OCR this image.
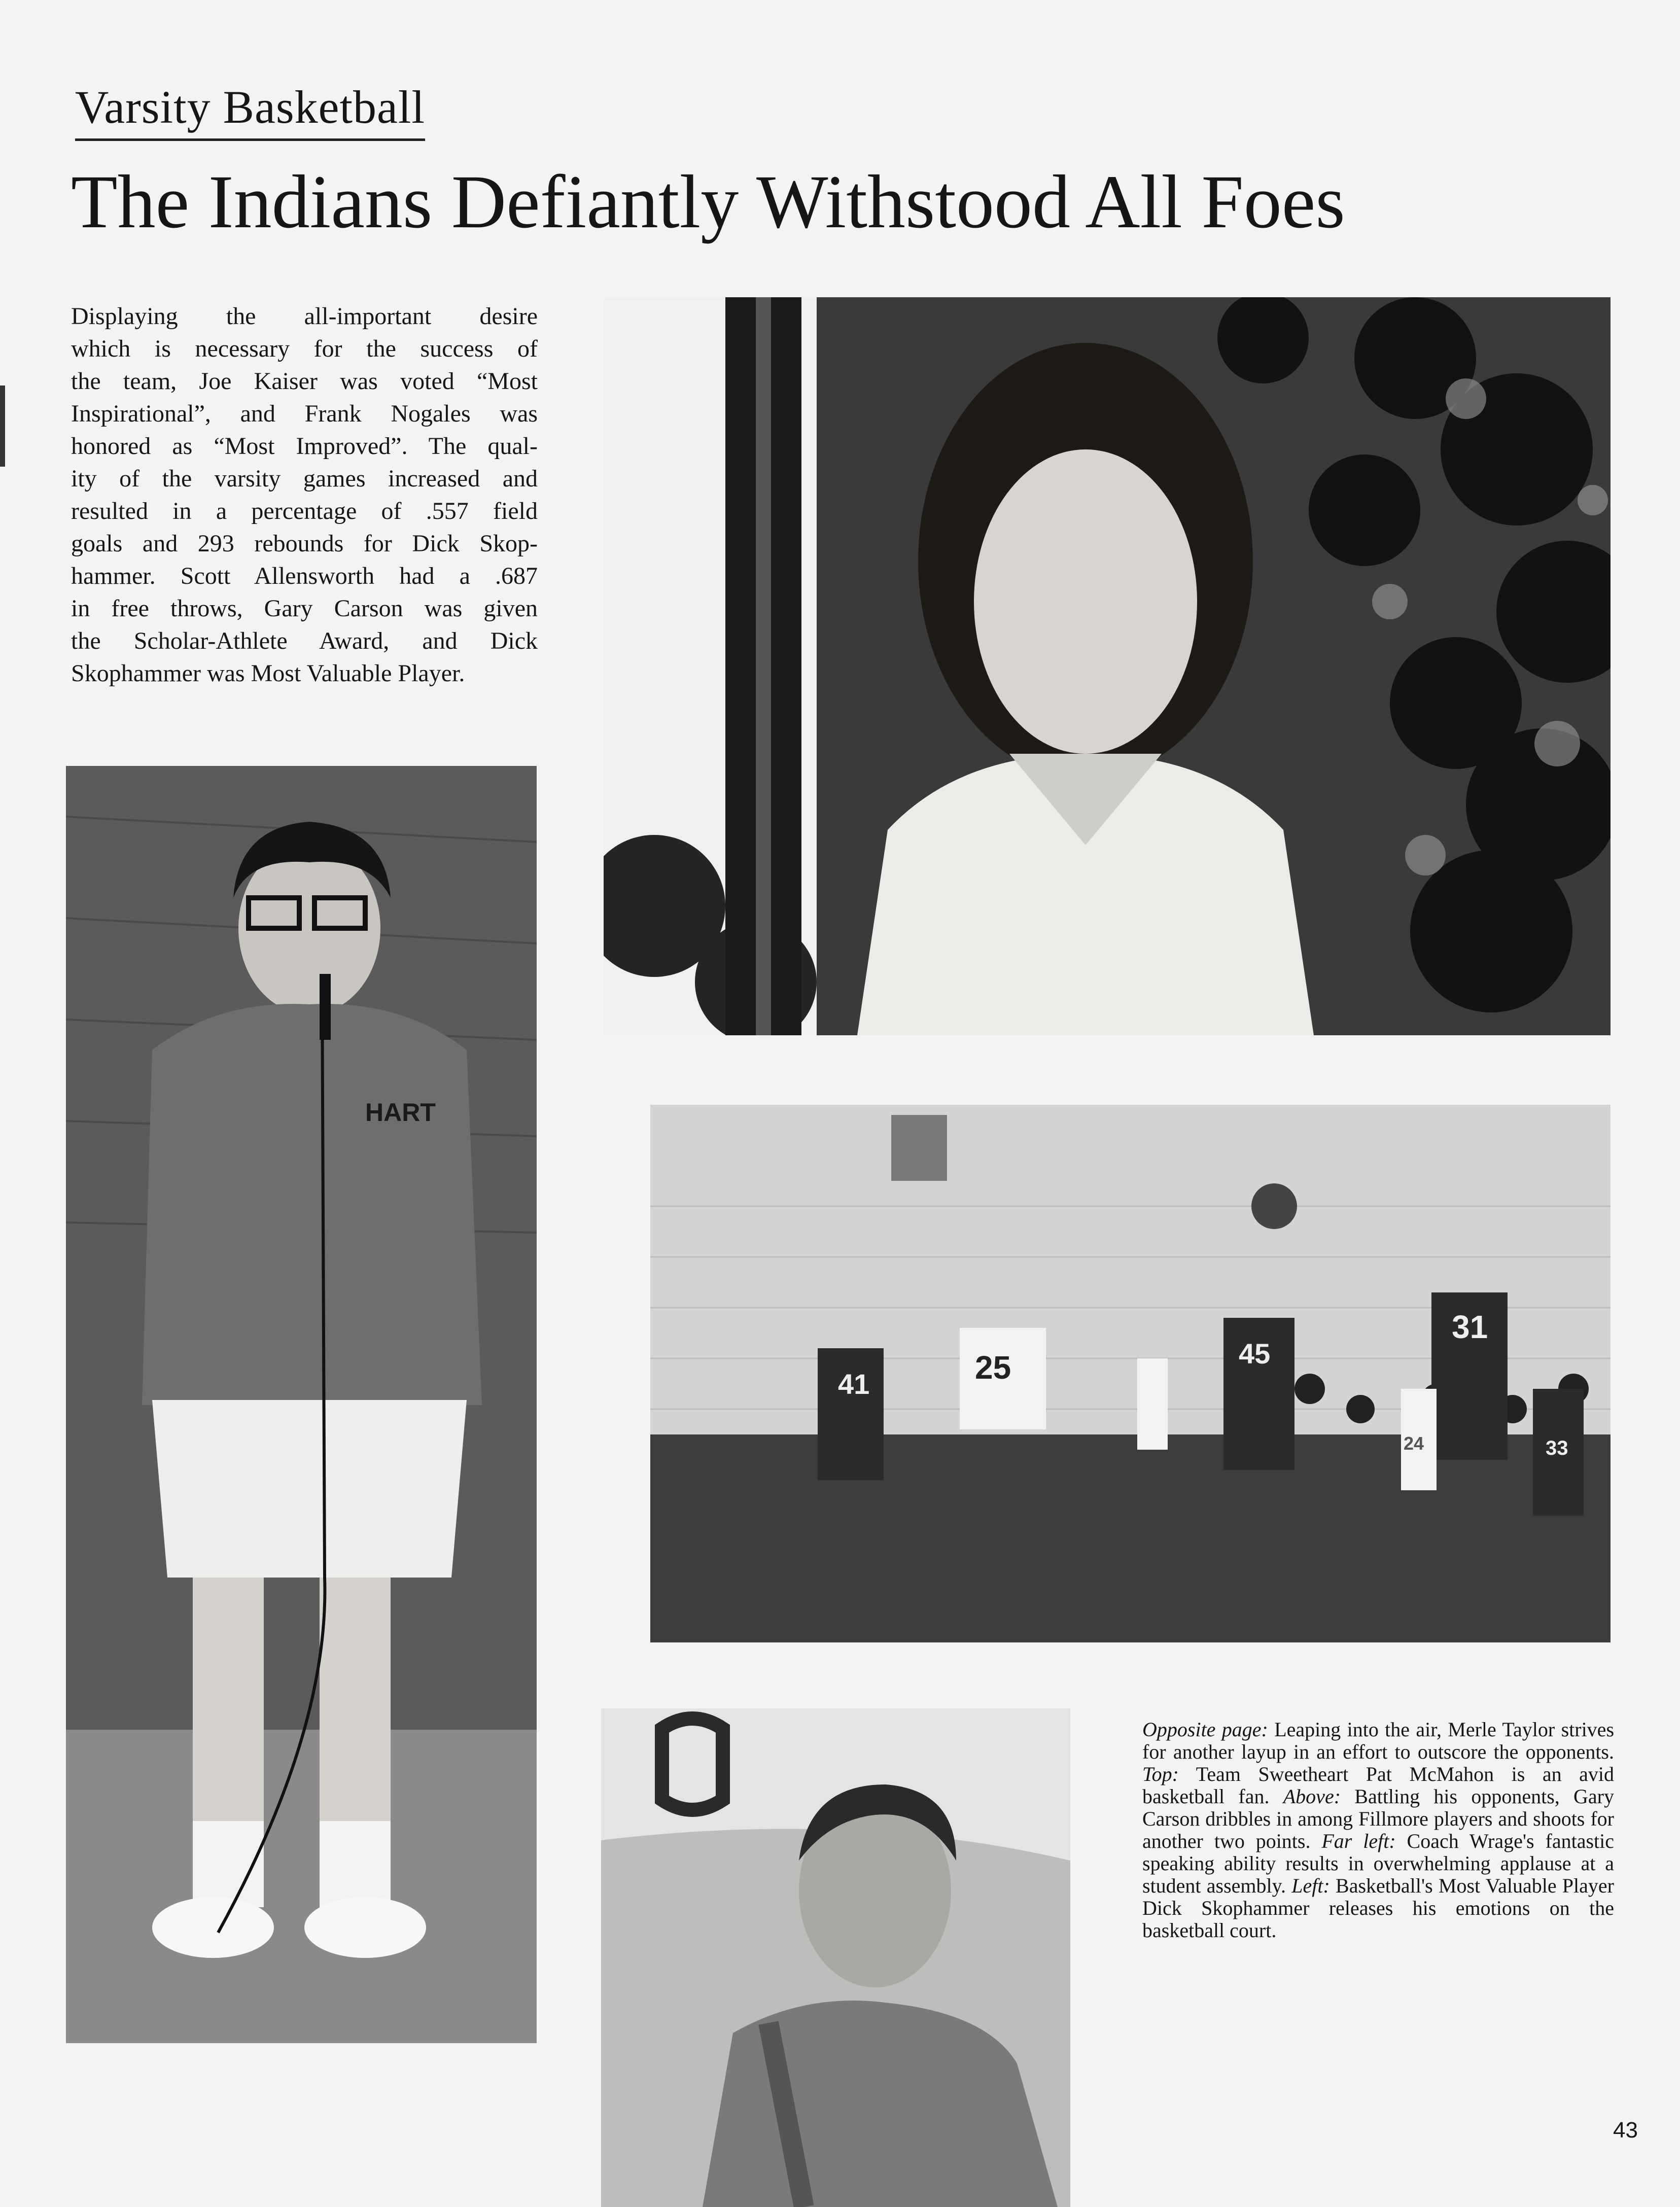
Varsity Basketball
The Indians Defiantly Withstood All Foes
Displaying the all-important desire
which is necessary for the success of
the team, Joe Kaiser was voted “Most
Inspirational”, and Frank Nogales was
honored as “Most Improved”. The qual-
ity of the varsity games increased and
resulted in a percentage of .557 field
goals and 293 rebounds for Dick Skop-
hammer. Scott Allensworth had a .687
in free throws, Gary Carson was given
the Scholar-Athlete Award, and Dick
Skophammer was Most Valuable Player.
41	25	45
31
33
24
HART
Opposite page: Leaping into the air, Merle Taylor strives for another layup in an effort to outscore the opponents. Top: Team Sweetheart Pat McMahon is an avid basketball fan. Above: Battling his opponents, Gary Carson dribbles in among Fillmore players and shoots for another two points. Far left: Coach Wrage's fantastic speaking ability results in overwhelming applause at a student assembly. Left: Basketball's Most Valuable Player Dick Skophammer releases his emotions on the basketball court.
43
